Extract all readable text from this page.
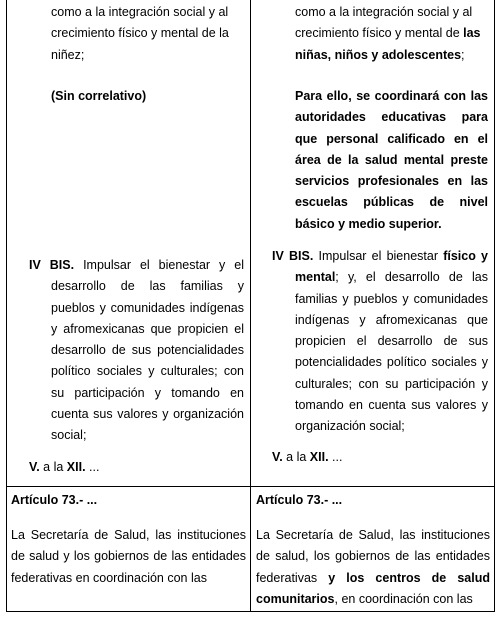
como a la integración social y al
crecimiento físico y mental de la
niñez;
(Sin correlativo)
IV BIS. Impulsar el bienestar y el desarrollo de las familias y pueblos y comunidades indígenas y afromexicanas que propicien el desarrollo de sus potencialidades político sociales y culturales; con su participación y tomando en cuenta sus valores y organización social;
V. a la XII. ...
Artículo 73.- ...
La Secretaría de Salud, las instituciones de salud y los gobiernos de las entidades federativas en coordinación con las
como a la integración social y al
crecimiento físico y mental de las
niñas, niños y adolescentes;
Para ello, se coordinará con las autoridades educativas para que personal calificado en el área de la salud mental preste servicios profesionales en las escuelas públicas de nivel básico y medio superior.
IV BIS. Impulsar el bienestar físico y mental; y, el desarrollo de las familias y pueblos y comunidades indígenas y afromexicanas que propicien el desarrollo de sus potencialidades político sociales y culturales; con su participación y tomando en cuenta sus valores y organización social;
V. a la XII. ...
Artículo 73.- ...
La Secretaría de Salud, las instituciones de salud, los gobiernos de las entidades federativas y los centros de salud comunitarios, en coordinación con las
